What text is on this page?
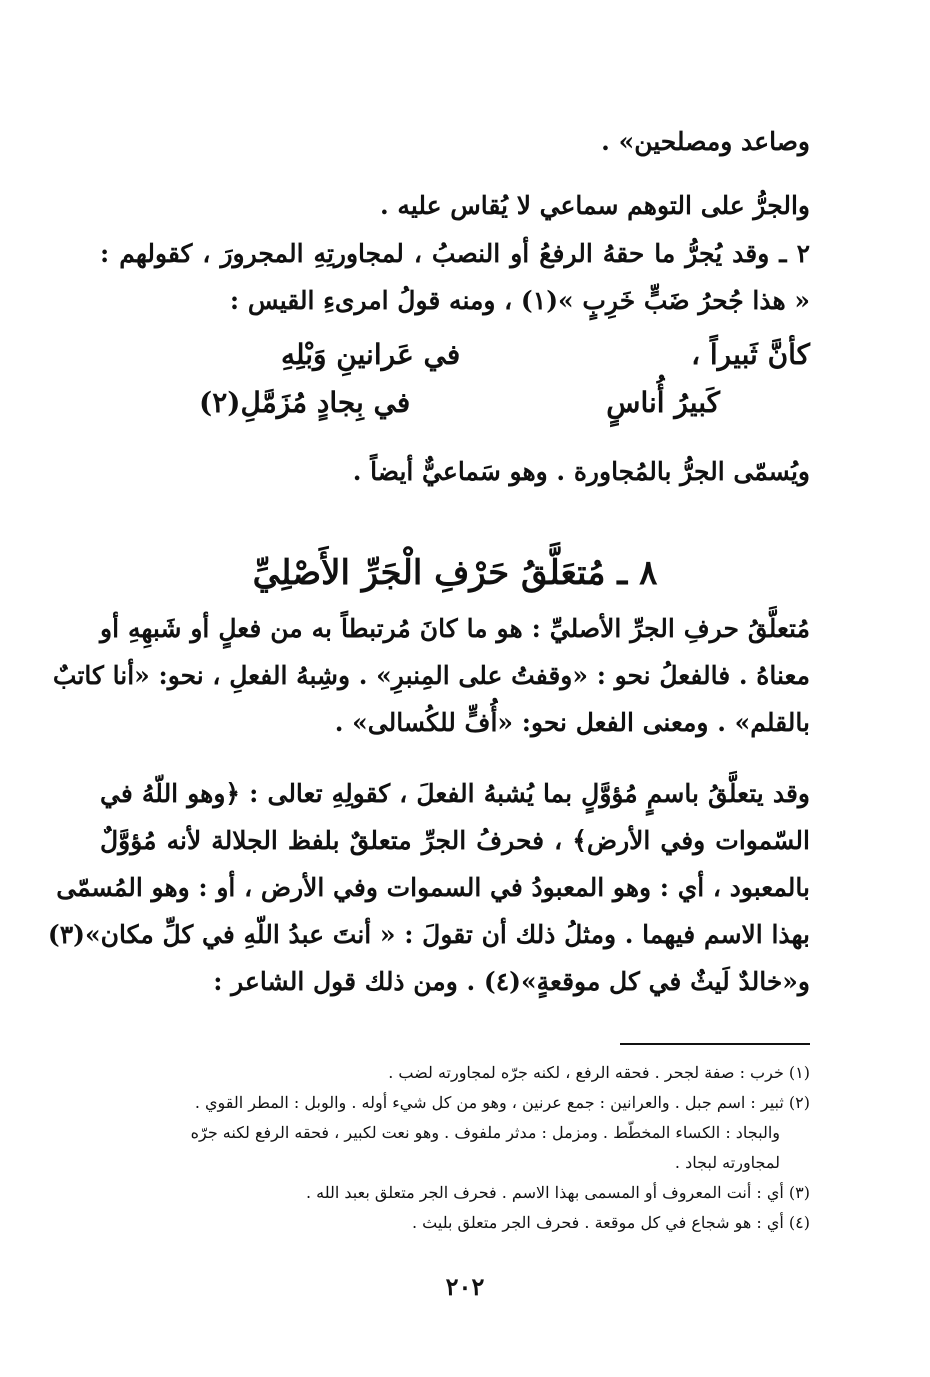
وصاعد ومصلحين» .

والجرُّ على التوهم سماعي لا يُقاس عليه .

٢ ـ وقد يُجرُّ ما حقهُ الرفعُ أو النصبُ ، لمجاورتِهِ المجرورَ ، كقولهم :
« هذا جُحرُ ضَبٍّ خَرِبٍ »(١) ، ومنه قولُ امرىءِ القيس :

كأنَّ ثَبيراً ، في عَرانينِ وَبْلِهِ
كَبيرُ أُناسٍ في بِجادٍ مُزَمَّلِ(٢)

ويُسمّى الجرُّ بالمُجاورة . وهو سَماعيٌّ أيضاً .

٨ ـ مُتعَلَّقُ حَرْفِ الْجَرِّ الأَصْلِيِّ

مُتعلَّقُ حرفِ الجرِّ الأصليِّ : هو ما كانَ مُرتبطاً به من فعلٍ أو شَبهِهِ أو
معناهُ . فالفعلُ نحو : «وقفتُ على المِنبرِ» . وشِبهُ الفعلِ ، نحو: «أنا كاتبٌ
بالقلم» . ومعنى الفعل نحو: «أُفٍّ للكُسالى» .

وقد يتعلَّقُ باسمٍ مُؤوَّلٍ بما يُشبهُ الفعلَ ، كقولِهِ تعالى : ﴿وهو اللّهُ في
السّموات وفي الأرض﴾ ، فحرفُ الجرِّ متعلقٌ بلفظ الجلالة لأنه مُؤوَّلٌ
بالمعبود ، أي : وهو المعبودُ في السموات وفي الأرض ، أو : وهو المُسمّى
بهذا الاسم فيهما . ومثلُ ذلك أن تقولَ : « أنتَ عبدُ اللّهِ في كلِّ مكان»(٣)
و«خالدٌ لَيثٌ في كل موقعةٍ»(٤) . ومن ذلك قول الشاعر :

(١) خرب : صفة لجحر . فحقه الرفع ، لكنه جرّه لمجاورته لضب .
(٢) ثبير : اسم جبل . والعرانين : جمع عرنين ، وهو من كل شيء أوله . والوبل : المطر القوي .
والبجاد : الكساء المخطّط . ومزمل : مدثر ملفوف . وهو نعت لكبير ، فحقه الرفع لكنه جرّه
لمجاورته لبجاد .
(٣) أي : أنت المعروف أو المسمى بهذا الاسم . فحرف الجر متعلق بعبد الله .
(٤) أي : هو شجاع في كل موقعة . فحرف الجر متعلق بليث .
٢٠٢
